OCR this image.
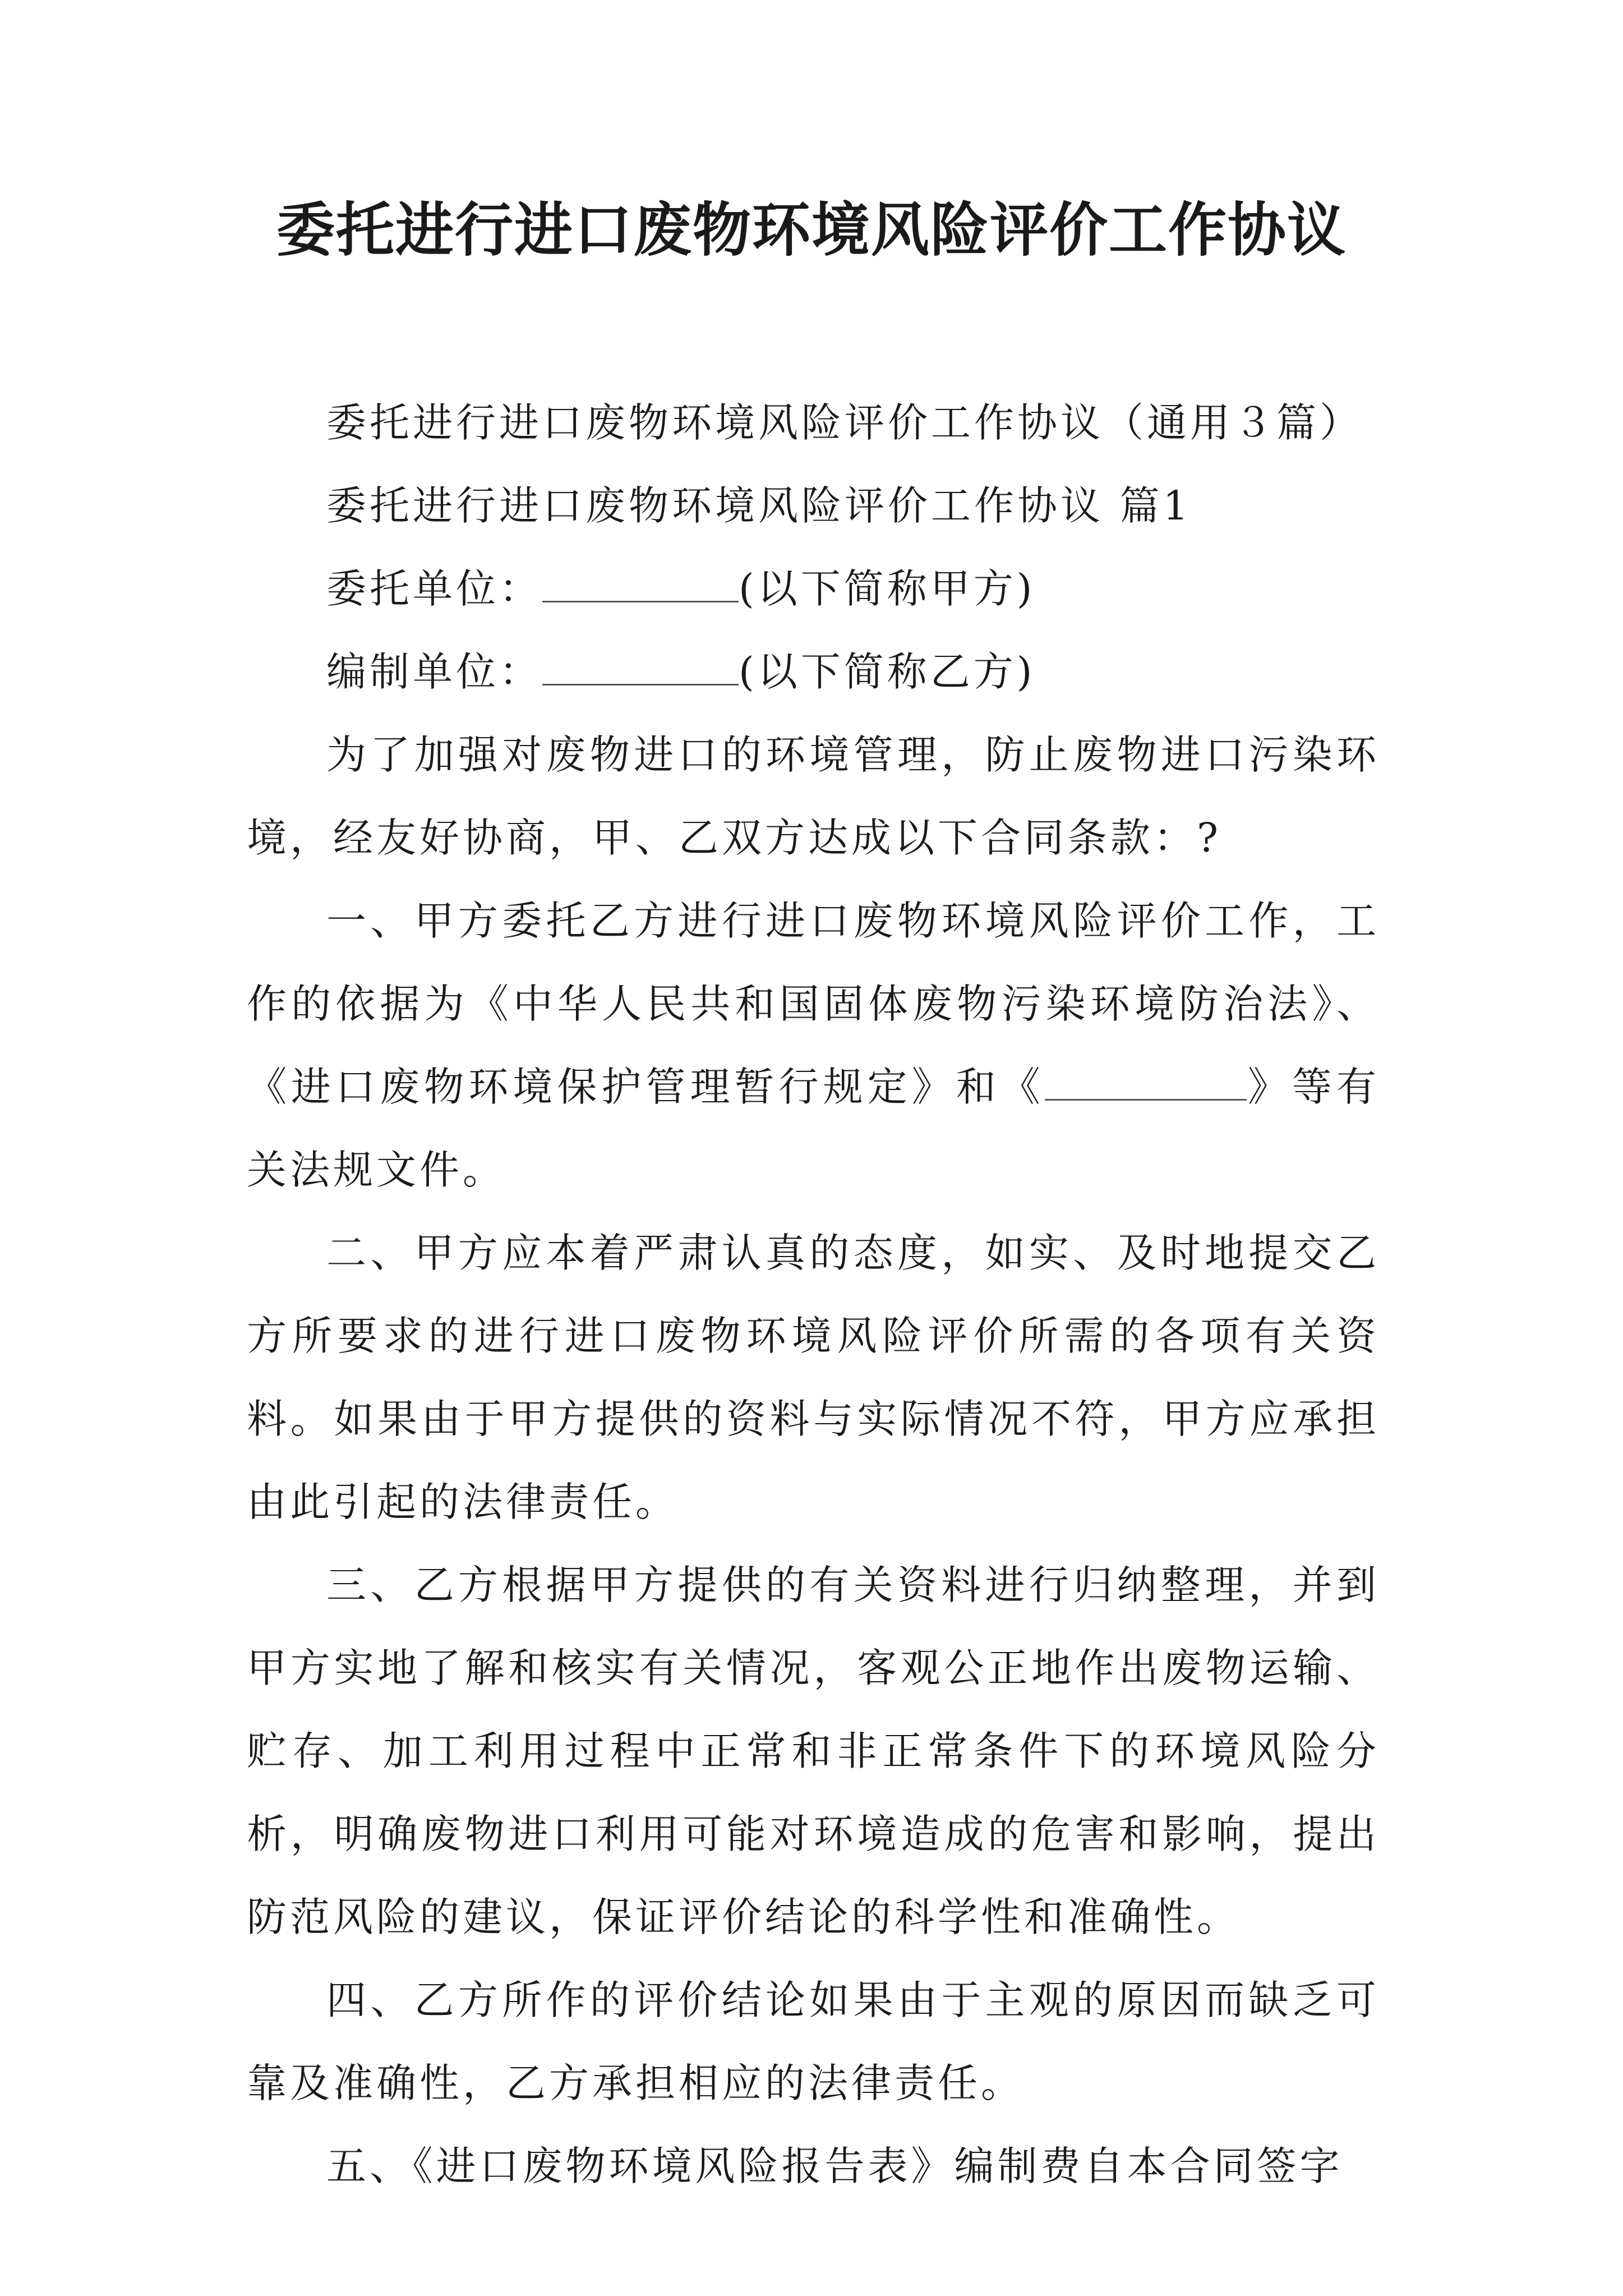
委托进行进口废物环境风险评价工作协议

委托进行进口废物环境风险评价工作协议（通用３篇）

委托进行进口废物环境风险评价工作协议 篇1

委托单位：	(以下简称甲方)

编制单位：	(以下简称乙方)

为了加强对废物进口的环境管理，防止废物进口污染环境，经友好协商，甲、乙双方达成以下合同条款：?

一、甲方委托乙方进行进口废物环境风险评价工作，工作的依据为《中华人民共和国固体废物污染环境防治法》、《进口废物环境保护管理暂行规定》和《	》等有关法规文件。

二、甲方应本着严肃认真的态度，如实、及时地提交乙方所要求的进行进口废物环境风险评价所需的各项有关资料。如果由于甲方提供的资料与实际情况不符，甲方应承担由此引起的法律责任。

三、乙方根据甲方提供的有关资料进行归纳整理，并到甲方实地了解和核实有关情况，客观公正地作出废物运输、贮存、加工利用过程中正常和非正常条件下的环境风险分析，明确废物进口利用可能对环境造成的危害和影响，提出防范风险的建议，保证评价结论的科学性和准确性。

四、乙方所作的评价结论如果由于主观的原因而缺乏可靠及准确性，乙方承担相应的法律责任。

五、《进口废物环境风险报告表》编制费自本合同签字
